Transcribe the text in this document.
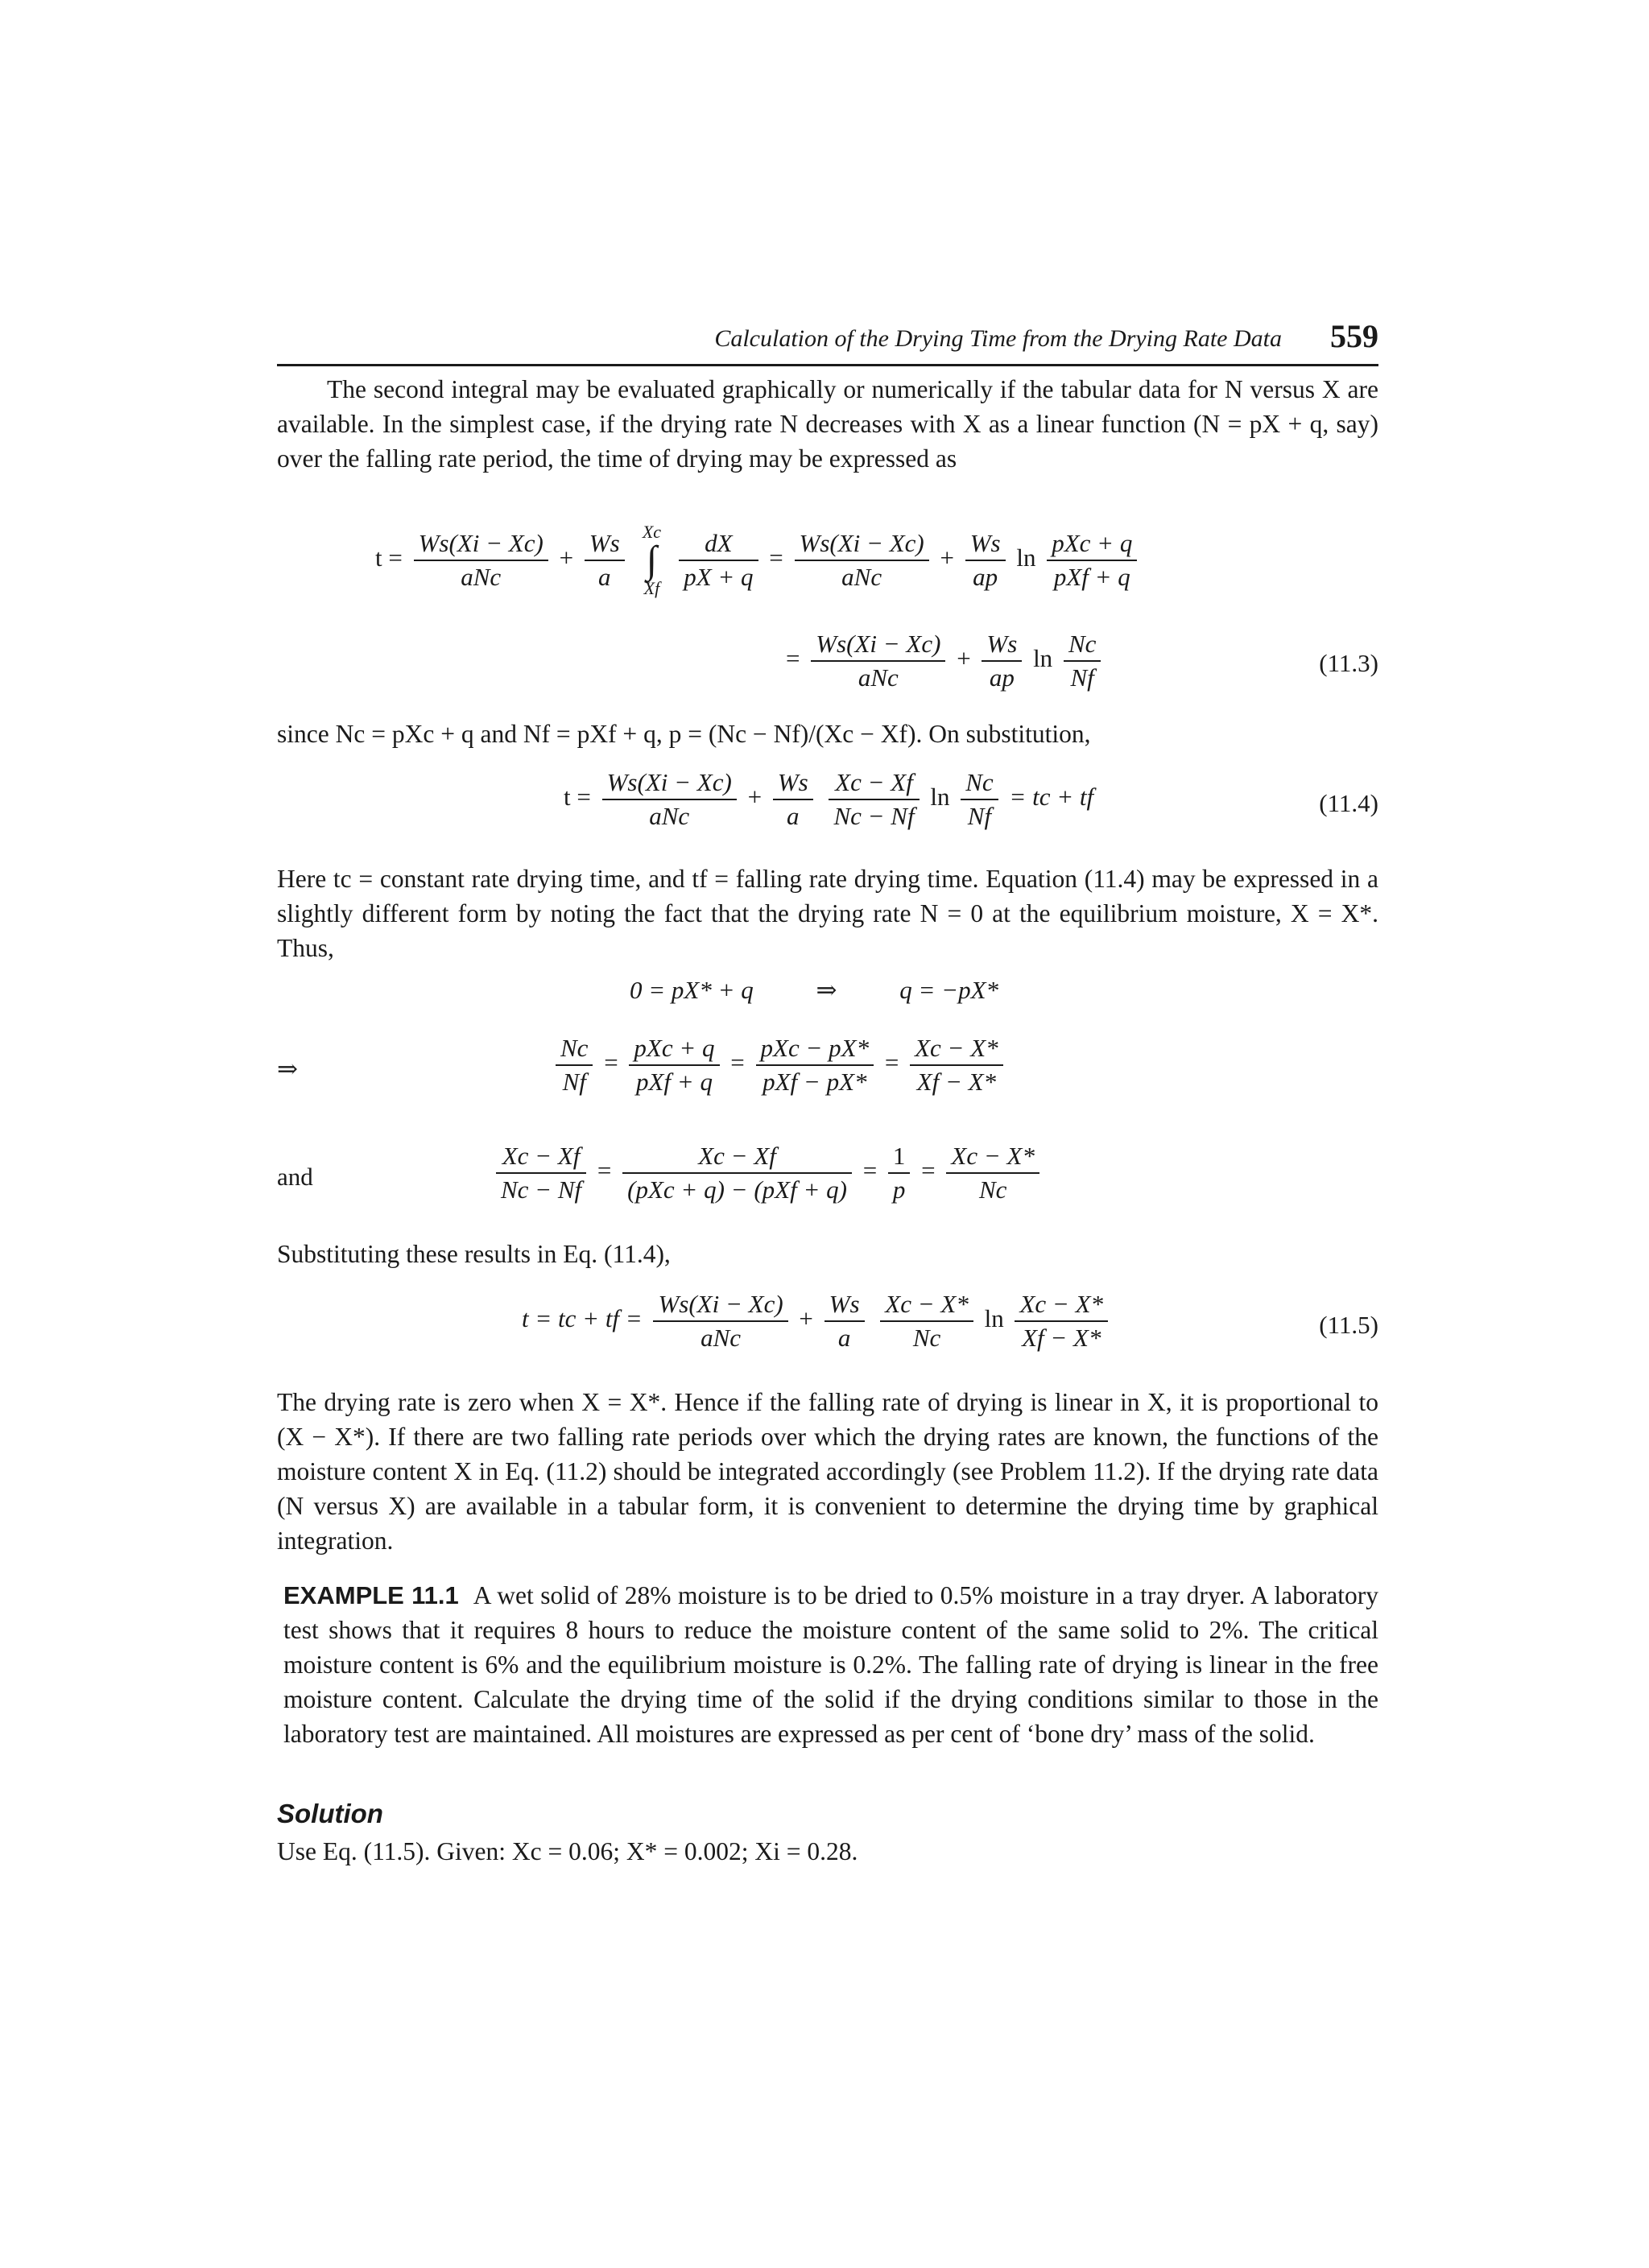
Calculation of the Drying Time from the Drying Rate Data 559

The second integral may be evaluated graphically or numerically if the tabular data for N versus X are available. In the simplest case, if the drying rate N decreases with X as a linear function (N = pX + q, say) over the falling rate period, the time of drying may be expressed as

$t = \frac{Ws(Xi - Xc)}{\text{aNc}} + \frac{Ws}{a}$
	Xc
∫
Xf
$\frac{dX}{pX + q} = \frac{Ws(Xi - Xc)}{\text{aNc}} + \frac{Ws}{ap}$ $\ln \frac{\text{pXc + q}}{\text{pXf + q}}$
= $\frac{Ws(Xi - Xc)}{\text{aNc}} + \frac{Ws}{ap}$ $\ln \frac{Nc}{Nf}$	(11.3)

since Nc = pXc + q and Nf = pXf + q, p = (Nc − Nf)/(Xc − Xf). On substitution,

$t = \frac{Ws(Xi - Xc)}{\text{aNc}} + \frac{Ws}{a}$
$\frac{Xc - Xf}{Nc - Nf}$ $\ln \frac{Nc}{Nf}$ = tc + tf	(11.4)

Here tc = constant rate drying time, and tf = falling rate drying time. Equation (11.4) may be expressed in a slightly different form by noting the fact that the drying rate N = 0 at the equilibrium moisture, X = X*. Thus,

0 = pX* + q	⇒	q = −pX*
⇒	$\frac{Nc}{Nf} = \frac{\text{pXc + q}}{\text{pXf + q}} = \frac{\text{pXc − pX*}}{\text{pXf − pX*}} = \frac{Xc - X*}{Xf - X*}$
and	$\frac{Xc - Xf}{Nc - Nf} = \frac{Xc - Xf}{\text{(pXc + q) − (pXf + q)}} = \frac{1}{p} = \frac{Xc - X*}{Nc}$

Substituting these results in Eq. (11.4),

t = tc + tf = $\frac{Ws(Xi - Xc)}{\text{aNc}} + \frac{Ws}{a}$
$\frac{Xc - X*}{Nc}$ $\ln \frac{Xc - X*}{Xf - X*}$	(11.5)

The drying rate is zero when X = X*. Hence if the falling rate of drying is linear in X, it is proportional to (X − X*). If there are two falling rate periods over which the drying rates are known, the functions of the moisture content X in Eq. (11.2) should be integrated accordingly (see Problem 11.2). If the drying rate data (N versus X) are available in a tabular form, it is convenient to determine the drying time by graphical integration.

EXAMPLE 11.1 A wet solid of 28% moisture is to be dried to 0.5% moisture in a tray dryer. A laboratory test shows that it requires 8 hours to reduce the moisture content of the same solid to 2%. The critical moisture content is 6% and the equilibrium moisture is 0.2%. The falling rate of drying is linear in the free moisture content. Calculate the drying time of the solid if the drying conditions similar to those in the laboratory test are maintained. All moistures are expressed as per cent of ‘bone dry’ mass of the solid.

Solution

Use Eq. (11.5). Given: Xc = 0.06; X* = 0.002; Xi = 0.28.
